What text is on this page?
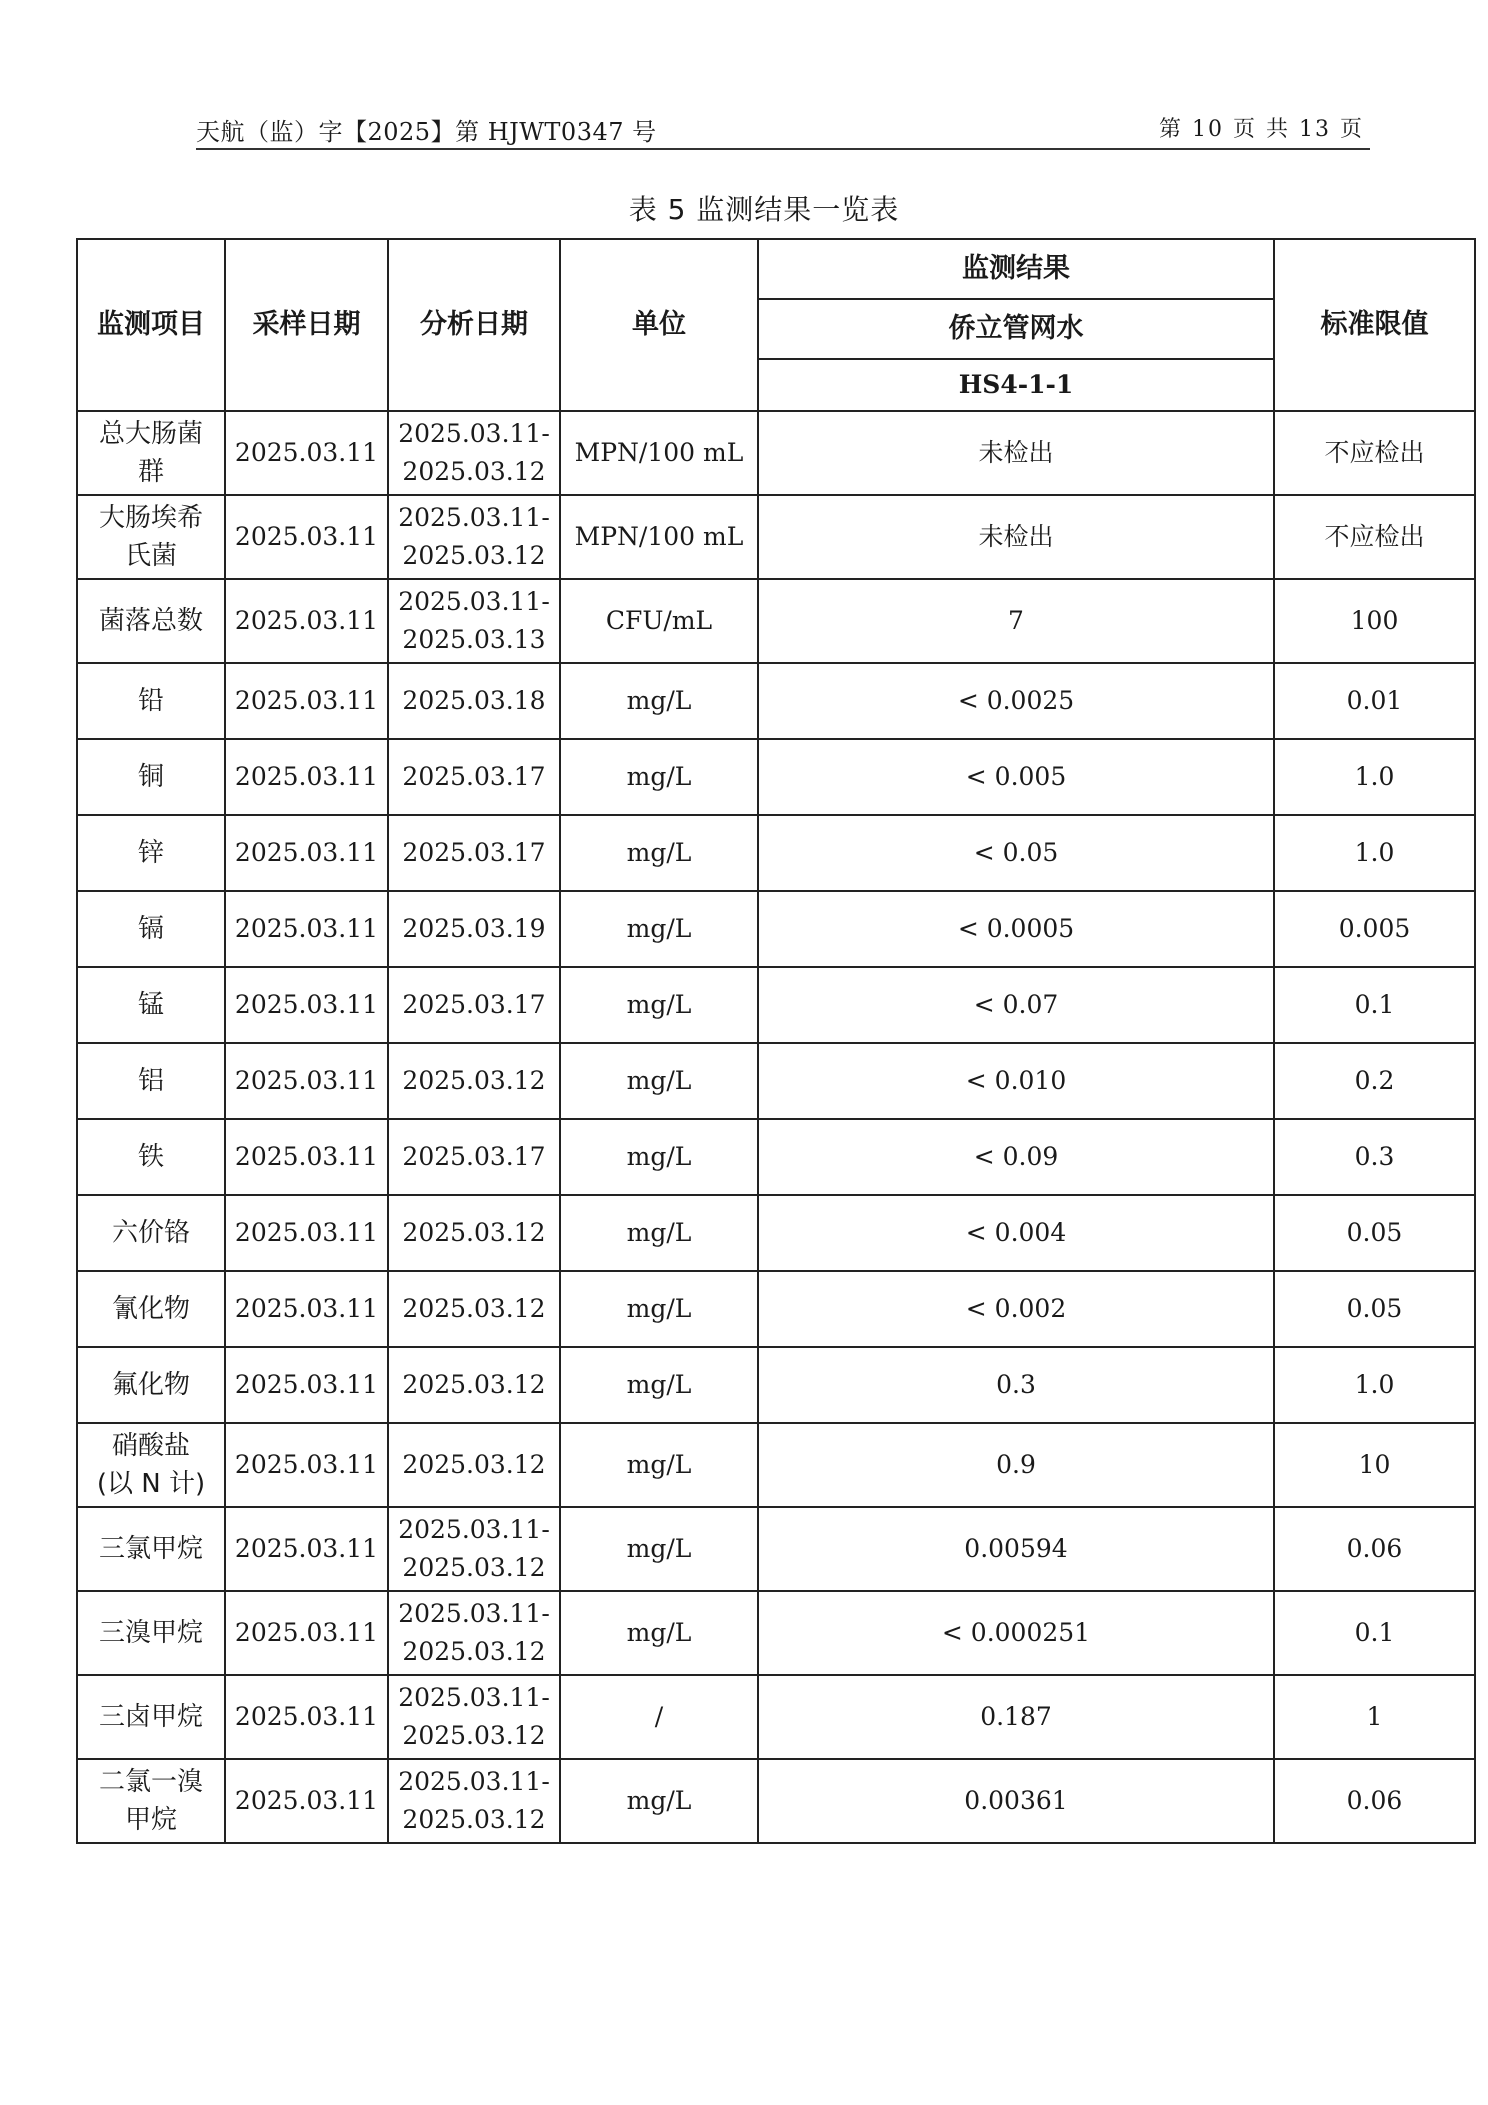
天航（监）字【2025】第 HJWT0347 号	第 10 页 共 13 页
表 5 监测结果一览表
监测项目	采样日期	分析日期	单位	监测结果	标准限值
				侨立管网水	
				HS4-1-1	
总大肠菌
群	2025.03.11	2025.03.11-
2025.03.12	MPN/100 mL	未检出	不应检出
大肠埃希
氏菌	2025.03.11	2025.03.11-
2025.03.12	MPN/100 mL	未检出	不应检出
菌落总数	2025.03.11	2025.03.11-
2025.03.13	CFU/mL	7	100
铅	2025.03.11	2025.03.18	mg/L	< 0.0025	0.01
铜	2025.03.11	2025.03.17	mg/L	< 0.005	1.0
锌	2025.03.11	2025.03.17	mg/L	< 0.05	1.0
镉	2025.03.11	2025.03.19	mg/L	< 0.0005	0.005
锰	2025.03.11	2025.03.17	mg/L	< 0.07	0.1
铝	2025.03.11	2025.03.12	mg/L	< 0.010	0.2
铁	2025.03.11	2025.03.17	mg/L	< 0.09	0.3
六价铬	2025.03.11	2025.03.12	mg/L	< 0.004	0.05
氰化物	2025.03.11	2025.03.12	mg/L	< 0.002	0.05
氟化物	2025.03.11	2025.03.12	mg/L	0.3	1.0
硝酸盐
(以 N 计)	2025.03.11	2025.03.12	mg/L	0.9	10
三氯甲烷	2025.03.11	2025.03.11-
2025.03.12	mg/L	0.00594	0.06
三溴甲烷	2025.03.11	2025.03.11-
2025.03.12	mg/L	< 0.000251	0.1
三卤甲烷	2025.03.11	2025.03.11-
2025.03.12	/	0.187	1
二氯一溴
甲烷	2025.03.11	2025.03.11-
2025.03.12	mg/L	0.00361	0.06
